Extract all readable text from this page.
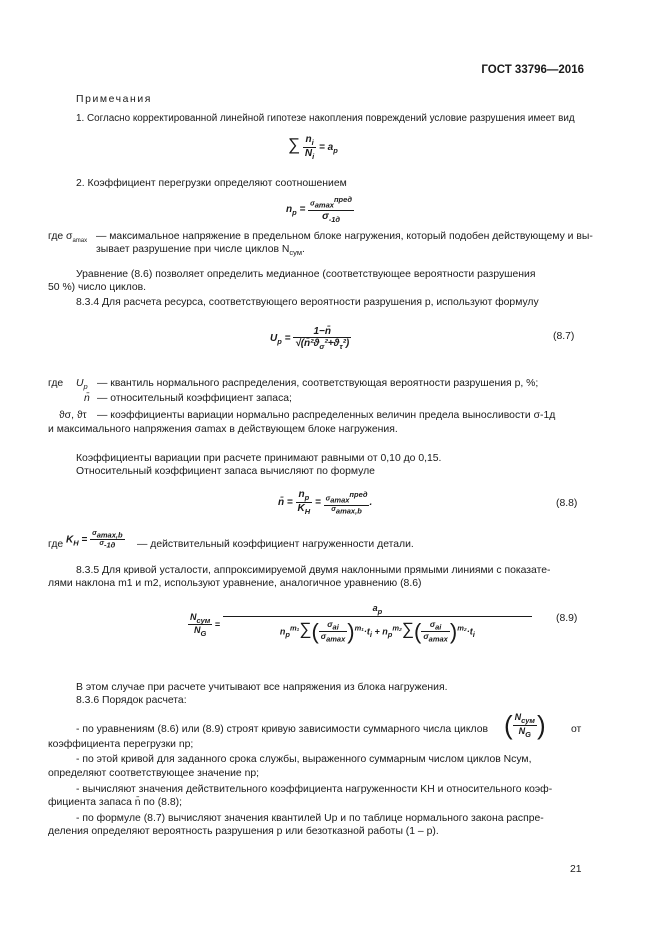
ГОСТ 33796—2016
Примечания
1. Согласно корректированной линейной гипотезе накопления повреждений условие разрушения имеет вид
∑ $\frac{n_i}{N_i} = a_p$
2. Коэффициент перегрузки определяют соотношением
$n_p = \frac{\sigma_{amax}^{пред}}{\sigma_{-1д}}$
где $\sigma_{amax}$ — максимальное напряжение в предельном блоке нагружения, который подобен действующему и вы-
зывает разрушение при числе циклов $N_{сум}$.
Уравнение (8.6) позволяет определить медианное (соответствующее вероятности разрушения
50 %) число циклов.
8.3.4 Для расчета ресурса, соответствующего вероятности разрушения p, используют формулу
$U_p = \frac{1-n̄}{√(n̄^2ϑ_\sigma^2+ϑ_\tau^2)}$	(8.7)
где $U_p$ — квантиль нормального распределения, соответствующая вероятности разрушения p, %;
n̄ — относительный коэффициент запаса;
ϑσ, ϑτ — коэффициенты вариации нормально распределенных величин предела выносливости σ-1д
и максимального напряжения σamax в действующем блоке нагружения.
Коэффициенты вариации при расчете принимают равными от 0,10 до 0,15.
Относительный коэффициент запаса вычисляют по формуле
n̄ = $\frac{n_p}{K_H} = \frac{\sigma_{amax}^{пред}}{\sigma_{amax,b}}$ .	(8.8)
где $K_H = \frac{\sigma_{amax,b}}{\sigma_{-1д}}$ — действительный коэффициент нагруженности детали.
8.3.5 Для кривой усталости, аппроксимируемой двумя наклонными прямыми линиями с показате-
лями наклона m1 и m2, используют уравнение, аналогичное уравнению (8.6)
$\frac{N_{сум}}{N_G} = \frac{a_p}{n_p^{m_1}\sum( \frac{\sigma_{ai}}{\sigma_{amax}} )^{m_1}\cdot t_i + n_p^{m_2}\sum( \frac{\sigma_{ai}}{\sigma_{amax}} )^{m_2}\cdot t_i} (8.9)$
В этом случае при расчете учитывают все напряжения из блока нагружения.
8.3.6 Порядок расчета:
- по уравнениям (8.6) или (8.9) строят кривую зависимости суммарного числа циклов ( $\frac{N_{сум}}{N_G}$ ) от
коэффициента перегрузки np;
- по этой кривой для заданного срока службы, выраженного суммарным числом циклов Nсум,
определяют соответствующее значение np;
- вычисляют значения действительного коэффициента нагруженности KH и относительного коэф-
фициента запаса n̄ по (8.8);
- по формуле (8.7) вычисляют значения квантилей Up и по таблице нормального закона распре-
деления определяют вероятность разрушения p или безотказной работы (1 – p).
21
